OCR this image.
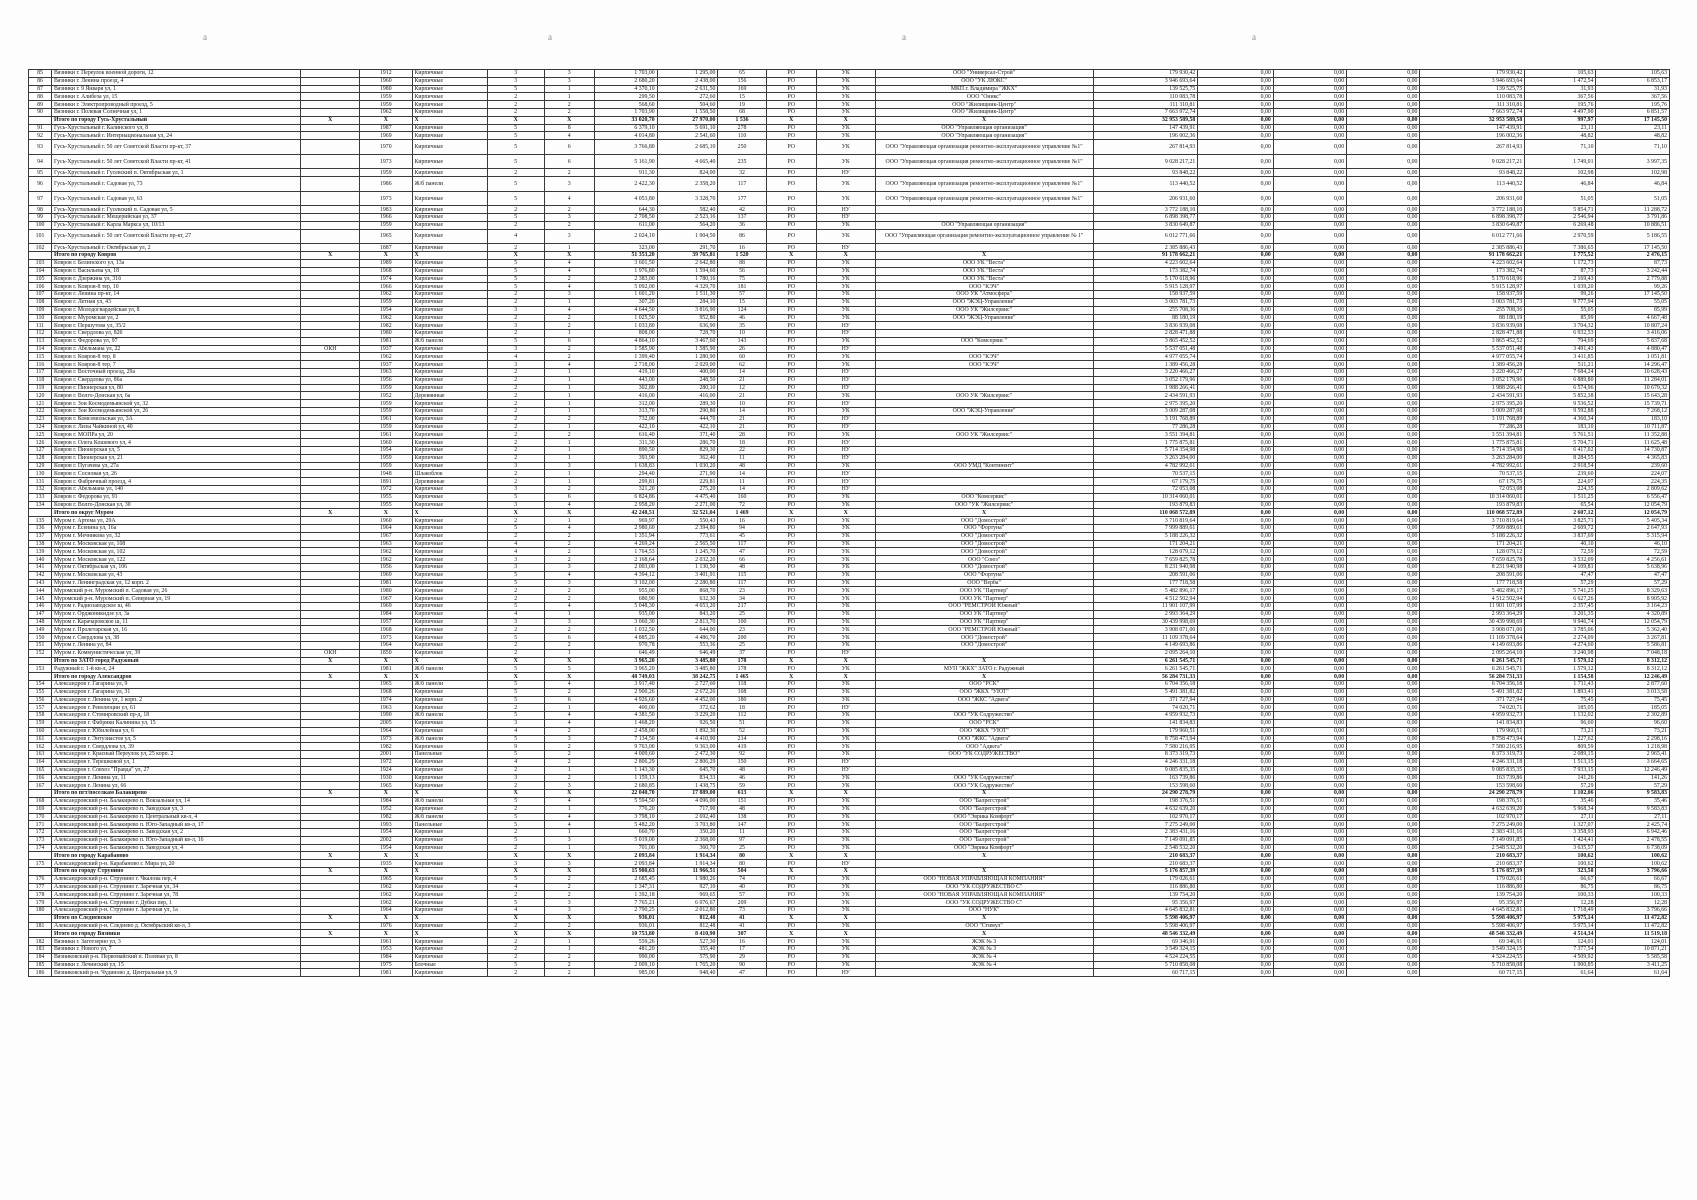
a	a	a	a
85	Вязники г. Переулок военной дороги, 12		1912	Кирпичные	3	3	1 703,00	1 295,00	65	РО	УК	ООО "Универсал-Строй"	179 930,42	0,00	0,00	0,00	179 930,42	105,63	105,63
86	Вязники г. Ленина проезд, 4		1960	Кирпичные	3	3	2 680,20	2 438,00	156	РО	УК	ООО "УК ЛЮКС"	3 946 693,64	0,00	0,00	0,00	3 946 693,64	1 472,54	6 853,17
87	Вязники г. 9 Января ул, 1		1980	Кирпичные	5	1	4 370,10	2 631,50	169	РО	УК	МКП г. Владимира "ЖКХ"	139 525,75	0,00	0,00	0,00	139 525,75	31,93	31,93
88	Вязники г. Алибеза ул, 15		1959	Кирпичные	2	1	299,50	272,60	15	РО	УК	ООО "Оникс"	110 083,78	0,00	0,00	0,00	110 083,78	367,56	367,56
89	Вязники г. Электропроводный проезд, 5		1959	Кирпичные	2	2	568,60	504,60	19	РО	УК	ООО "Жилищник-Центр"	111 310,81	0,00	0,00	0,00	111 310,81	195,76	195,76
90	Вязники г. Полевая Солнечная ул, 1		1962	Кирпичные	2	2	1 703,90	1 558,50	68	РО	УК	ООО "Жилищник-Центр"	7 663 972,74	0,00	0,00	0,00	7 663 972,74	4 497,90	6 851,57
	Итого по городу Гусь-Хрустальный	X	X	X	X	X	33 020,70	27 970,00	1 536	X	X	X	32 953 589,58	0,00	0,00	0,00	32 953 589,58	997,97	17 145,50
91	Гусь-Хрустальный г. Калинского ул, 8		1987	Кирпичные	5	8	6 379,10	5 691,10	278	РО	УК	ООО "Управляющая организация"	147 439,91	0,00	0,00	0,00	147 439,91	23,11	23,11
92	Гусь-Хрустальный г. Интернациональная ул, 24		1969	Кирпичные	5	4	4 014,80	2 541,60	110	РО	УК	ООО "Управляющая организация"	196 002,36	0,00	0,00	0,00	196 002,36	48,82	48,82
93	Гусь-Хрустальный г. 50 лет Советской Власти пр-кт, 37		1970	Кирпичные	5	6	3 766,80	2 685,10	250	РО	УК	ООО "Управляющая организация ремонтно-эксплуатационное управление №1"	267 814,93	0,00	0,00	0,00	267 814,93	71,10	71,10
94	Гусь-Хрустальный г. 50 лет Советской Власти пр-кт, 41		1973	Кирпичные	5	6	5 161,90	4 665,40	235	РО	УК	ООО "Управляющая организация ремонтно-эксплуатационное управление №1"	9 028 217,21	0,00	0,00	0,00	9 028 217,21	1 749,01	3 997,35
95	Гусь-Хрустальный г. Гусевский п. Октябрьская ул, 1		1959	Кирпичные	2	2	911,30	824,00	32	РО	НУ		93 848,22	0,00	0,00	0,00	93 848,22	102,98	102,98
96	Гусь-Хрустальный г. Садовая ул, 73		1986	Ж/б панели	5	3	2 422,30	2 358,20	117	РО	УК	ООО "Управляющая организация ремонтно-эксплуатационное управление №1"	113 440,52	0,00	0,00	0,00	113 440,52	46,84	46,84
97	Гусь-Хрустальный г. Садовая ул, 63		1973	Кирпичные	5	4	4 053,80	3 328,70	177	РО	УК	ООО "Управляющая организация ремонтно-эксплуатационное управление №1"	206 931,60	0,00	0,00	0,00	206 931,60	51,05	51,05
98	Гусь-Хрустальный г. Гусевский п. Садовая ул, 5		1983	Кирпичные	2	2	644,30	582,40	42	РО	НУ		3 772 188,10	0,00	0,00	0,00	3 772 188,10	5 854,71	11 288,72
99	Гусь-Хрустальный г. Мещерийская ул, 37		1966	Кирпичные	5	3	2 708,50	2 523,16	137	РО	НУ		6 898 398,77	0,00	0,00	0,00	6 898 398,77	2 546,94	3 791,86
100	Гусь-Хрустальный г. Карла Маркса ул, 10/13		1959	Кирпичные	2	2	611,00	564,20	36	РО	УК	ООО "Управляющая организация"	3 830 649,87	0,00	0,00	0,00	3 830 649,87	6 269,48	10 886,51
101	Гусь-Хрустальный г. 50 лет Советской Власти пр-кт, 27		1965	Кирпичные	4	3	2 024,10	1 904,50	86	РО	УК	ООО "Управляющая организация ремонтно-эксплуатационное управление № 1"	6 012 771,66	0,00	0,00	0,00	6 012 771,66	2 970,59	5 186,55
102	Гусь-Хрустальный г. Октябрьская ул, 2		1887	Кирпичные	2	1	323,00	291,70	16	РО	НУ		2 385 886,43	0,00	0,00	0,00	2 385 886,43	7 386,65	17 145,50
	Итого по городу Ковров	X	X	X	X	X	51 353,20	39 765,81	1 520	X	X	X	91 178 662,21	0,00	0,00	0,00	91 178 662,21	1 775,52	2 476,15
103	Ковров г. Белинского ул, 13а		1989	Кирпичные	5	4	3 601,50	2 642,80	88	РО	УК	ООО УК "Веста"	4 223 602,64	0,00	0,00	0,00	4 223 602,64	1 172,73	87,73
104	Ковров г. Васильева ул, 18		1968	Кирпичные	5	4	1 976,80	1 594,60	56	РО	УК	ООО УК "Веста"	173 382,74	0,00	0,00	0,00	173 382,74	87,73	3 242,44
105	Ковров г. Дзержина ул, 31б		1974	Кирпичные	5	2	2 383,00	1 780,16	75	РО	УК	ООО УК "Веста"	5 170 618,96	0,00	0,00	0,00	5 170 618,96	2 169,43	2 779,88
106	Ковров г. Ковров-8 тер, 10		1966	Кирпичные	5	4	5 092,00	4 329,70	181	РО	УК	ООО "КЭЧ"	5 915 128,97	0,00	0,00	0,00	5 915 128,97	1 039,20	99,26
107	Ковров г. Ленина пр-кт, 14		1962	Кирпичные	2	3	1 601,20	1 511,30	57	РО	УК	ООО УК "Атмосфера"	158 937,59	0,00	0,00	0,00	158 937,59	99,26	17 145,50
108	Ковров г. Летная ул, 43		1959	Кирпичные	2	1	307,20	284,10	15	РО	УК	ООО "ЖЭЦ-Управление"	3 003 781,73	0,00	0,00	0,00	3 003 781,73	9 777,94	55,05
109	Ковров г. Молодогвардейская ул, 8		1954	Кирпичные	3	4	4 644,50	3 816,90	124	РО	УК	ООО УК "Жилсервис"	255 708,36	0,00	0,00	0,00	255 708,36	55,05	85,99
110	Ковров г. Муромская ул, 2		1962	Кирпичные	2	2	1 025,50	952,80	46	РО	УК	ООО "ЖЭЦ-Управление"	88 180,19	0,00	0,00	0,00	88 180,19	85,99	4 667,48
111	Ковров г. Першутова ул, 35/2		1982	Кирпичные	3	2	1 033,80	636,90	35	РО	НУ		3 836 939,08	0,00	0,00	0,00	3 836 939,08	3 704,32	10 807,24
112	Ковров г. Свердлова ул, 82б		1980	Кирпичные	2	1	808,00	728,70	10	РО	НУ		2 828 471,88	0,00	0,00	0,00	2 828 471,88	6 932,53	3 416,06
113	Ковров г. Федорова ул, 97		1981	Ж/б панели	5	6	4 864,10	3 467,60	143	РО	УК	ООО "Комсервис "	3 865 452,52	0,00	0,00	0,00	3 865 452,52	794,69	5 837,68
114	Ковров г. Абельмана ул, 22	ОКН	1937	Кирпичные	3	2	1 585,90	1 585,90	26	РО	НУ		5 537 051,48	0,00	0,00	0,00	5 537 051,48	3 491,43	4 880,47
115	Ковров г. Ковров-8 тер, 8		1962	Кирпичные	4	2	1 399,40	1 280,90	60	РО	УК	ООО "КЭЧ"	4 977 055,74	0,00	0,00	0,00	4 977 055,74	3 411,85	1 051,81
116	Ковров г. Ковров-8 тер, 7		1937	Кирпичные	3	4	2 718,00	2 029,00	62	РО	УК	ООО "КЭЧ"	1 389 456,28	0,00	0,00	0,00	1 389 456,28	511,21	14 296,47
117	Ковров г. Восточный проезд, 29а		1963	Кирпичные	2	1	419,10	400,00	14	РО	НУ		3 220 466,27	0,00	0,00	0,00	3 220 466,27	7 684,24	10 628,43
118	Ковров г. Свердлова ул, 86а		1956	Кирпичные	2	1	443,00	248,50	21	РО	НУ		3 052 179,96	0,00	0,00	0,00	3 052 179,96	6 889,80	11 284,01
119	Ковров г. Пионерская ул, 80		1959	Кирпичные	2	1	302,80	280,10	12	РО	НУ		1 988 266,41	0,00	0,00	0,00	1 988 266,41	6 574,96	10 679,32
120	Ковров г. Волго-Донская ул, 6а		1952	Деревянные	2	1	416,00	416,00	21	РО	УК	ООО УК "Жилсервис"	2 434 591,93	0,00	0,00	0,00	2 434 591,93	5 852,38	15 643,28
121	Ковров г. Зои Космодемьянской ул, 32		1959	Кирпичные	2	1	312,00	289,30	10	РО	НУ		2 975 395,20	0,00	0,00	0,00	2 975 395,20	9 536,52	15 739,71
122	Ковров г. Зои Космодемьянской ул, 26		1959	Кирпичные	2	1	313,70	290,80	14	РО	УК	ООО "ЖЭЦ-Управление"	3 009 287,08	0,00	0,00	0,00	3 009 287,08	9 592,88	7 268,12
123	Ковров г. Комсомольская ул, 3А		1961	Кирпичные	2	2	732,00	444,70	21	РО	НУ		3 191 768,89	0,00	0,00	0,00	3 191 768,89	4 360,34	183,10
124	Ковров г. Лизы Чайкиной ул, 40		1959	Кирпичные	2	1	422,10	422,10	21	РО	НУ		77 286,28	0,00	0,00	0,00	77 286,28	183,10	10 711,87
125	Ковров г. МОПРа ул, 20		1961	Кирпичные	2	2	616,40	371,40	28	РО	УК	ООО УК "Жилсервис"	3 551 394,81	0,00	0,00	0,00	3 551 394,81	5 761,51	11 352,88
126	Ковров г. Олега Кошевого ул, 4		1960	Кирпичные	2	1	311,30	286,70	18	РО	НУ		1 775 875,81	0,00	0,00	0,00	1 775 875,81	5 704,71	11 625,48
127	Ковров г. Пионерская ул, 5		1954	Кирпичные	2	1	890,50	829,30	22	РО	НУ		5 714 354,98	0,00	0,00	0,00	5 714 354,98	6 417,02	14 730,87
128	Ковров г. Пионерская ул, 21		1959	Кирпичные	2	1	393,90	362,40	11	РО	НУ		3 263 284,00	0,00	0,00	0,00	3 263 284,00	8 284,55	4 365,83
129	Ковров г. Пугачева ул, 27а		1959	Кирпичные	3	3	1 638,83	1 030,20	48	РО	УК	ООО УМД "Континент"	4 782 992,61	0,00	0,00	0,00	4 782 992,61	2 918,54	239,60
130	Ковров г. Сосновая ул, 26		1948	Шлакоблок	2	1	294,40	271,90	14	РО	НУ		70 537,15	0,00	0,00	0,00	70 537,15	239,60	224,07
131	Ковров г. Фабричный проезд, 4		1891	Деревянные	2	1	299,81	229,81	11	РО	НУ		67 179,75	0,00	0,00	0,00	67 179,75	224,07	224,35
132	Ковров г. Абельмана ул, 140		1972	Кирпичные	3	2	321,20	275,20	14	РО	НУ		72 053,08	0,00	0,00	0,00	72 053,08	224,35	2 809,62
133	Ковров г. Федорова ул, 91		1955	Кирпичные	5	6	6 824,86	4 475,40	160	РО	УК	ООО "Комсервис"	10 314 060,01	0,00	0,00	0,00	10 314 060,01	1 511,25	6 556,47
134	Ковров г. Волго-Донская ул, 30		1955	Кирпичные	3	4	2 958,20	2 271,00	72	РО	УК	ООО "УК "Жилсервис"	193 879,83	0,00	0,00	0,00	193 879,83	65,54	12 054,79
	Итого по округ Муром	X	X	X	X	X	42 248,51	32 521,04	1 469	X	X	X	110 068 572,89	0,00	0,00	0,00	110 068 572,89	2 607,12	12 054,79
135	Муром г. Артема ул, 29А		1960	Кирпичные	2	1	969,97	550,43	16	РО	УК	ООО "Домострой"	3 710 819,64	0,00	0,00	0,00	3 710 819,64	3 825,71	5 405,34
136	Муром г. Есенина ул, 16а		1964	Кирпичные	5	4	2 980,60	2 394,80	94	РО	УК	ООО "Фортуна"	7 999 889,61	0,00	0,00	0,00	7 999 889,61	2 609,72	2 647,93
137	Муром г. Мечникова ул, 32		1967	Кирпичные	2	2	1 351,94	773,61	45	РО	УК	ООО "Домострой"	5 188 226,32	0,00	0,00	0,00	5 188 226,32	3 837,69	5 315,94
138	Муром г. Московская ул, 108		1963	Кирпичные	4	2	4 269,24	2 565,50	117	РО	УК	ООО "Домострой"	171 204,21	0,00	0,00	0,00	171 204,21	40,10	46,10
139	Муром г. Московская ул, 102		1962	Кирпичные	4	2	1 764,53	1 245,70	47	РО	УК	ООО "Домострой"	128 079,12	0,00	0,00	0,00	128 079,12	72,59	72,59
140	Муром г. Московская ул, 122		1962	Кирпичные	3	2	2 168,64	2 032,20	66	РО	УК	ООО "Союз"	7 659 825,78	0,00	0,00	0,00	7 659 825,78	3 532,09	4 256,61
141	Муром г. Октябрьская ул, 106		1956	Кирпичные	3	3	2 003,00	1 130,50	48	РО	УК	ООО "Домострой"	8 231 940,98	0,00	0,00	0,00	8 231 940,98	4 109,81	5 638,96
142	Муром г. Московская ул, 43		1969	Кирпичные	5	4	4 394,12	3 401,91	115	РО	УК	ООО "Фортуна"	208 591,06	0,00	0,00	0,00	208 591,06	47,47	47,47
143	Муром г. Ленинградская ул, 12 корп. 2		1981	Кирпичные	5	3	3 102,00	2 280,80	117	РО	УК	ООО "Верба"	177 718,58	0,00	0,00	0,00	177 718,58	57,29	57,29
144	Муромский р-н. Муромский п. Садовая ул, 26		1980	Кирпичные	2	2	955,00	868,70	23	РО	УК	ООО УК "Партнер"	5 482 896,17	0,00	0,00	0,00	5 482 896,17	5 741,25	8 329,63
145	Муромский р-н. Муромский п. Северная ул, 19		1967	Кирпичные	2	2	680,90	632,30	34	РО	УК	ООО УК "Партнер"	4 512 502,94	0,00	0,00	0,00	4 512 502,94	6 627,26	8 905,92
146	Муром г. Радиозаводское ш, 46		1969	Кирпичные	5	4	5 048,30	4 653,20	217	РО	УК	ООО "РЕМСТРОЙ Южный"	11 901 107,99	0,00	0,00	0,00	11 901 107,99	2 357,45	3 164,23
147	Муром г. Орджоникидзе ул, 3а		1984	Кирпичные	4	1	935,00	843,20	25	РО	УК	ООО УК "Партнер"	2 993 364,29	0,00	0,00	0,00	2 993 364,29	3 201,35	4 320,89
148	Муром г. Карачаровское ш, 11		1957	Кирпичные	3	3	3 060,30	2 813,70	100	РО	УК	ООО УК "Партнер"	30 439 998,69	0,00	0,00	0,00	30 439 998,69	9 946,74	12 054,79
149	Муром г. Пролетарская ул, 16		1968	Кирпичные	2	2	1 032,50	644,00	23	РО	УК	ООО "РЕМСТРОЙ Южный"	3 908 071,00	0,00	0,00	0,00	3 908 071,00	3 785,06	5 362,40
150	Муром г. Свердлова ул, 38		1973	Кирпичные	5	6	4 885,20	4 486,70	200	РО	УК	ООО "Домострой"	11 109 378,64	0,00	0,00	0,00	11 109 378,64	2 274,09	3 267,81
151	Муром г. Ленина ул, 84		1964	Кирпичные	2	2	970,78	553,36	25	РО	УК	ООО "Домострой"	4 149 693,86	0,00	0,00	0,00	4 149 693,86	4 274,60	5 586,81
152	Муром г. Коммунистическая ул, 39	ОКН	1850	Кирпичные	2	1	646,49	646,49	37	РО	НУ		2 095 264,10	0,00	0,00	0,00	2 095 264,10	3 240,98	7 048,18
	Итого по ЗАТО город Радужный	X	X	X	X	X	3 965,20	3 485,80	178	X	X	X	6 261 545,71	0,00	0,00	0,00	6 261 545,71	1 579,12	8 312,12
153	Радужный г. 1-й кв-л, 24		1981	Ж/б панели	5	5	3 965,20	3 485,80	178	РО	УК	МУП "ЖКХ" ЗАТО г. Радужный	6 261 545,71	0,00	0,00	0,00	6 261 545,71	1 579,12	8 312,12
	Итого по городу Александров	X	X	X	X	X	48 749,03	38 242,75	1 465	X	X	X	56 284 731,33	0,00	0,00	0,00	56 284 731,33	1 154,58	12 246,49
154	Александров г. Гагарина ул, 9		1965	Ж/б панели	5	4	3 917,40	2 727,60	118	РО	УК	ООО "РСК"	6 704 356,18	0,00	0,00	0,00	6 704 356,18	1 711,43	2 877,60
155	Александров г. Гагарина ул, 31		1968	Кирпичные	5	2	2 900,26	2 672,26	108	РО	УК	ООО "ЖКХ "УЮТ"	5 491 381,82	0,00	0,00	0,00	5 491 381,82	1 893,41	3 013,58
156	Александров г. Ленина ул, 1 корп. 2		1974	Кирпичные	5	6	4 926,60	4 452,00	180	РО	УК	ООО "ЖКС "Адвега"	371 727,94	0,00	0,00	0,00	371 727,94	75,45	75,45
157	Александров г. Революции ул, 61		1963	Кирпичные	2	1	400,00	372,62	18	РО	НУ		74 020,71	0,00	0,00	0,00	74 020,71	185,05	185,05
158	Александров г. Стомировский пр-д, 18		1990	Ж/б панели	5	4	4 381,50	3 229,20	112	РО	УК	ООО "УК Содружество"	4 959 932,73	0,00	0,00	0,00	4 959 932,73	1 132,02	2 302,89
159	Александров г. Фабрики Калинина ул, 15		2005	Кирпичные	3	4	1 468,20	926,50	51	РО	УК	ООО "РСК"	141 834,83	0,00	0,00	0,00	141 834,83	96,60	96,60
160	Александров г. Юбилейная ул, 6		1964	Кирпичные	4	2	2 458,00	1 892,30	52	РО	УК	ООО "ЖКХ "УЮТ"	179 960,51	0,00	0,00	0,00	179 960,51	73,21	73,21
161	Александров г. Энтузиастов ул, 5		1973	Ж/б панели	5	3	7 134,50	4 410,90	214	РО	УК	ООО "ЖКС "Адвега"	8 758 473,94	0,00	0,00	0,00	8 758 473,94	1 227,62	2 298,16
162	Александров г. Свердлова ул, 39		1982	Кирпичные	9	2	9 763,00	9 363,00	419	РО	УК	ООО "Адвега"	7 580 216,95	0,00	0,00	0,00	7 580 216,95	809,59	1 218,98
163	Александров г. Красный Переулок ул, 25 корп. 2		2001	Панельные	5	2	4 009,60	2 472,30	92	РО	УК	ООО "УК СОДРУЖЕСТВО"	8 373 319,73	0,00	0,00	0,00	8 373 319,73	2 089,15	2 965,41
164	Александров г. Терешковой ул, 1		1972	Кирпичные	4	2	2 806,29	2 806,29	150	РО	НУ		4 246 331,18	0,00	0,00	0,00	4 246 331,18	1 513,15	3 664,65
165	Александров г. Совхоз "Правда" ул, 27		1924	Кирпичные	2	1	1 143,30	645,70	48	РО	НУ		9 085 835,35	0,00	0,00	0,00	9 085 835,35	7 933,15	12 246,49
166	Александров г. Ленина ул, 11		1930	Кирпичные	3	2	1 159,13	834,33	46	РО	УК	ООО "УК Содружество"	163 739,86	0,00	0,00	0,00	163 739,86	141,26	141,26
167	Александров г. Ленина ул, 66		1965	Кирпичные	2	3	2 680,85	1 438,75	59	РО	УК	ООО "УК Содружество"	153 598,60	0,00	0,00	0,00	153 598,60	57,29	57,29
	Итого по пгт/поселкам Балакирево	X	X	X	X	X	22 040,70	17 889,00	613	X	X	X	24 290 278,79	0,00	0,00	0,00	24 290 278,79	1 102,06	9 583,83
168	Александровский р-н. Балакирево п. Вокзальная ул, 14		1984	Ж/б панели	5	4	5 594,50	4 096,00	151	РО	УК	ООО "Балрегстрой"	198 376,51	0,00	0,00	0,00	198 376,51	35,46	35,46
169	Александровский р-н. Балакирево п. Заводская ул, 3		1952	Кирпичные	2	1	776,20	717,90	48	РО	УК	ООО "Балрегстрой"	4 632 639,20	0,00	0,00	0,00	4 632 639,20	5 968,34	9 583,83
170	Александровский р-н. Балакирево п. Центральный кв-л, 4		1982	Ж/б панели	5	4	3 798,10	2 692,40	138	РО	УК	ООО "Эврика Комфорт"	102 970,17	0,00	0,00	0,00	102 970,17	27,11	27,11
171	Александровский р-н. Балакирево п. Юго-Западный кв-л, 17		1993	Панельные	5	4	5 482,20	3 703,80	147	РО	УК	ООО "Балрегстрой"	7 275 249,00	0,00	0,00	0,00	7 275 249,00	1 327,07	2 425,74
172	Александровский р-н. Балакирево п. Заводская ул, 2		1954	Кирпичные	2	1	660,70	350,20	11	РО	УК	ООО "Балрегстрой"	2 383 431,16	0,00	0,00	0,00	2 383 431,16	3 358,93	6 942,46
173	Александровский р-н. Балакирево п. Юго-Западный кв-л, 16		2002	Кирпичные	5	3	5 019,00	2 368,00	97	РО	УК	ООО "Балрегстрой"	7 149 091,85	0,00	0,00	0,00	7 149 091,85	1 424,41	2 478,55
174	Александровский р-н. Балакирево п. Заводская ул, 4		1954	Кирпичные	2	1	701,00	360,70	25	РО	УК	ООО "Эврика Комфорт"	2 548 532,20	0,00	0,00	0,00	2 548 532,20	3 635,57	6 738,09
	Итого по городу Карабаново	X	X	X	X	X	2 093,84	1 914,34	80	X	X	X	210 683,37	0,00	0,00	0,00	210 683,37	100,62	100,62
175	Александровский р-н. Карабаново г. Мира ул, 20		1935	Кирпичные	3	3	2 093,84	1 914,34	80	РО	НУ		210 683,37	0,00	0,00	0,00	210 683,37	100,62	100,62
	Итого по городу Струнино	X	X	X	X	X	15 980,63	11 966,51	504	X	X	X	5 176 857,39	0,00	0,00	0,00	5 176 857,39	323,58	3 796,66
176	Александровский р-н. Струнино г. Чкалова пер, 4		1965	Кирпичные	5	2	2 685,45	1 980,26	74	РО	УК	ООО "НОВАЯ УПРАВЛЯЮЩАЯ КОМПАНИЯ"	179 026,61	0,00	0,00	0,00	179 026,61	66,67	66,67
177	Александровский р-н. Струнино г. Заречная ул, 34		1962	Кирпичные	4	2	1 347,31	927,10	40	РО	УК	ООО "УК СОДРУЖЕСТВО С"	116 886,80	0,00	0,00	0,00	116 886,80	86,75	86,75
178	Александровский р-н. Струнино г. Заречная ул, 78		1962	Кирпичные	2	2	1 392,18	969,65	57	РО	УК	ООО "НОВАЯ УПРАВЛЯЮЩАЯ КОМПАНИЯ"	139 754,20	0,00	0,00	0,00	139 754,20	100,33	100,33
179	Александровский р-н. Струнино г. Дубки пер, 1		1962	Кирпичные	5	3	7 765,21	6 076,67	209	РО	УК	ООО "УК СОДРУЖЕСТВО С"	95 356,97	0,00	0,00	0,00	95 356,97	12,28	12,28
180	Александровский р-н. Струнино г. Заречная ул, 1а		1964	Кирпичные	4	3	2 790,25	2 012,80	73	РО	УК	ООО "НУК"	4 645 832,81	0,00	0,00	0,00	4 645 832,81	1 718,49	3 796,66
	Итого по Следневское	X	X	X	X	X	936,01	812,48	41	X	X	X	5 598 406,97	0,00	0,00	0,00	5 598 406,97	5 975,14	11 472,82
181	Александровский р-н. Следнево д. Октябрьский кв-л, 3		1976	Кирпичные	2	2	936,01	812,48	41	РО	УК	ООО "Стимул"	5 598 406,97	0,00	0,00	0,00	5 598 406,97	5 975,14	11 472,82
	Итого по городу Вязники	X	X	X	X	X	10 753,80	8 410,90	307	X	X	X	48 546 332,49	0,00	0,00	0,00	48 546 332,49	4 514,34	11 519,18
182	Вязники г. Заготзерно ул, 3		1961	Кирпичные	2	1	559,26	527,30	16	РО	УК	ЖЭК № 3	69 346,91	0,00	0,00	0,00	69 346,91	124,01	124,01
183	Вязники г. Нового ул, 7		1953	Кирпичные	2	1	481,20	355,40	17	РО	УК	ЖЭК № 3	3 549 324,15	0,00	0,00	0,00	3 549 324,15	7 377,54	10 871,21
184	Вязниковский р-н. Первомайский п. Полевая ул, 8		1984	Кирпичные	2	2	990,00	575,90	29	РО	УК	ЖЭК № 4	4 524 224,55	0,00	0,00	0,00	4 524 224,55	4 509,92	5 585,58
185	Вязники г. Лечинский ул, 15		1975	Блочные	5	2	2 009,10	1 765,20	90	РО	УК	ЖЭК № 4	5 710 858,08	0,00	0,00	0,00	5 710 858,08	1 900,85	3 411,25
186	Вязниковский р-н. Чудиново д. Центральная ул, 9		1981	Кирпичные	2	2	985,00	948,40	47	РО	НУ		60 717,15	0,00	0,00	0,00	60 717,15	61,64	61,64
